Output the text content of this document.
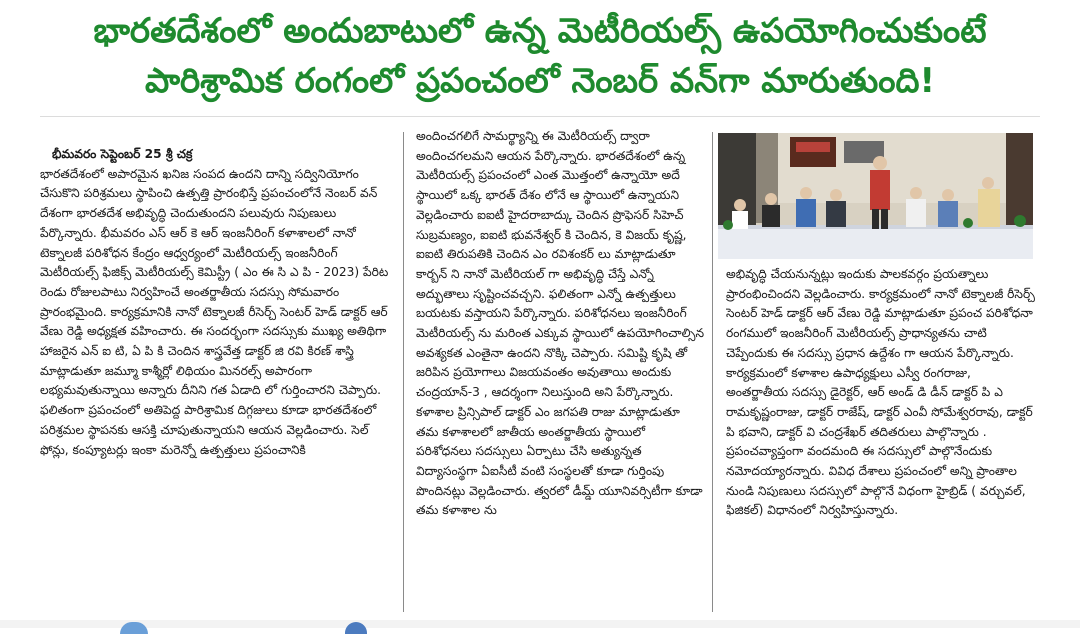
భారతదేశంలో అందుబాటులో ఉన్న మెటీరియల్స్ ఉపయోగించుకుంటే
పారిశ్రామిక రంగంలో ప్రపంచంలో నెంబర్ వన్‌గా మారుతుంది!
భీమవరం సెప్టెంబర్ 25 శ్రీ చక్ర
భారతదేశంలో అపారమైన ఖనిజ సంపద ఉందని దాన్ని సద్వినియోగం చేసుకొని పరిశ్రమలు స్థాపించి ఉత్పత్తి ప్రారంభిస్తే ప్రపంచంలోనే నెంబర్ వన్ దేశంగా భారతదేశ అభివృద్ధి చెందుతుందని పలువురు నిపుణులు పేర్కొన్నారు. భీమవరం ఎస్ ఆర్ కె ఆర్ ఇంజనీరింగ్ కళాశాలలో నానో టెక్నాలజీ పరిశోధన కేంద్రం ఆధ్వర్యంలో మెటీరియల్స్ ఇంజనీరింగ్ మెటీరియల్స్ ఫిజిక్స్ మెటీరియల్స్ కెమిస్ట్రీ ( ఎం ఈ సి ఎ పి - 2023) పేరిట రెండు రోజులపాటు నిర్వహించే అంతర్జాతీయ సదస్సు సోమవారం ప్రారంభమైంది. కార్యక్రమానికి నానో టెక్నాలజీ రీసెర్చ్ సెంటర్ హెడ్ డాక్టర్ ఆర్ వేణు రెడ్డి అధ్యక్షత వహించారు. ఈ సందర్భంగా సదస్సుకు ముఖ్య అతిథిగా హాజరైన ఎన్ ఐ టి, ఏ పి కి చెందిన శాస్త్రవేత్త డాక్టర్ జి రవి కిరణ్ శాస్త్రి మాట్లాడుతూ జమ్మూ కాశ్మీర్లో లిథియం మినరల్స్ అపారంగా లభ్యమవుతున్నాయి అన్నారు దీనిని గత ఏడాది లో గుర్తించారని చెప్పారు. ఫలితంగా ప్రపంచంలో అతిపెద్ద పారిశ్రామిక దిగ్గజులు కూడా భారతదేశంలో పరిశ్రమల స్థాపనకు ఆసక్తి చూపుతున్నాయని ఆయన వెల్లడించారు. సెల్ ఫోన్లు, కంప్యూటర్లు ఇంకా మరెన్నో ఉత్పత్తులు ప్రపంచానికి
అందించగలిగే సామర్థ్యాన్ని ఈ మెటీరియల్స్ ద్వారా అందించగలమని ఆయన పేర్కొన్నారు. భారతదేశంలో ఉన్న మెటీరియల్స్ ప్రపంచంలో ఎంత మొత్తంలో ఉన్నాయో అదే స్థాయిలో ఒక్క భారత్ దేశం లోనే ఆ స్థాయిలో ఉన్నాయని వెల్లడించారు ఐఐటీ హైదరాబాద్కు చెందిన ప్రొఫెసర్ సిహెచ్ సుబ్రమణ్యం, ఐఐటి భువనేశ్వర్ కి చెందిన, కె విజయ్ కృష్ణ, ఐఐటి తిరుపతికి చెందిన ఎం రవిశంకర్ లు మాట్లాడుతూ కార్బన్ ని నానో మెటీరియల్ గా అభివృద్ధి చేస్తే ఎన్నో అద్భుతాలు సృష్టించవచ్చని. ఫలితంగా ఎన్నో ఉత్పత్తులు బయటకు వస్తాయని పేర్కొన్నారు. పరిశోధనలు ఇంజనీరింగ్ మెటీరియల్స్ ను మరింత ఎక్కువ స్థాయిలో ఉపయోగించాల్సిన అవశ్యకత ఎంతైనా ఉందని నొక్కి చెప్పారు. సమిష్టి కృషి తో జరిపిన ప్రయోగాలు విజయవంతం అవుతాయి అందుకు చంద్రయాన్-3 , ఆదర్శంగా నిలుస్తుంది అని పేర్కొన్నారు. కళాశాల ప్రిన్సిపాల్ డాక్టర్ ఎం జగపతి రాజు మాట్లాడుతూ తమ కళాశాలలో జాతీయ అంతర్జాతీయ స్థాయిలో పరిశోధనలు సదస్సులు ఏర్పాటు చేసి అత్యున్నత విద్యాసంస్థగా ఏఐసీటీ వంటి సంస్థలతో కూడా గుర్తింపు పొందినట్లు వెల్లడించారు. త్వరలో డీమ్డ్ యూనివర్సిటీగా కూడా తమ కళాశాల ను
అభివృద్ధి చేయనున్నట్లు ఇందుకు పాలకవర్గం ప్రయత్నాలు ప్రారంభించిందని వెల్లడించారు. కార్యక్రమంలో నానో టెక్నాలజీ రీసెర్చ్ సెంటర్ హెడ్ డాక్టర్ ఆర్ వేణు రెడ్డి మాట్లాడుతూ ప్రపంచ పరిశోధనా రంగములో ఇంజనీరింగ్ మెటీరియల్స్ ప్రాధాన్యతను చాటి చెప్పేందుకు ఈ సదస్సు ప్రధాన ఉద్దేశం గా ఆయన పేర్కొన్నారు. కార్యక్రమంలో కళాశాల ఉపాధ్యక్షులు ఎస్వీ రంగరాజు, అంతర్జాతీయ సదస్సు డైరెక్టర్, ఆర్ అండ్ డి డీన్ డాక్టర్ పి ఎ రామకృష్ణంరాజు, డాక్టర్ రాజేష్, డాక్టర్ ఎంవీ సోమేశ్వరరావు, డాక్టర్ పి భవాని, డాక్టర్ వి చంద్రశేఖర్ తదితరులు పాల్గొన్నారు . ప్రపంచవ్యాప్తంగా వందమంది ఈ సదస్సులో పాల్గొనేందుకు నమోదయ్యారన్నారు. వివిధ దేశాలు ప్రపంచంలో అన్ని ప్రాంతాల నుండి నిపుణులు సదస్సులో పాల్గొనే విధంగా హైబ్రిడ్ ( వర్చువల్, ఫిజికల్) విధానంలో నిర్వహిస్తున్నారు.
